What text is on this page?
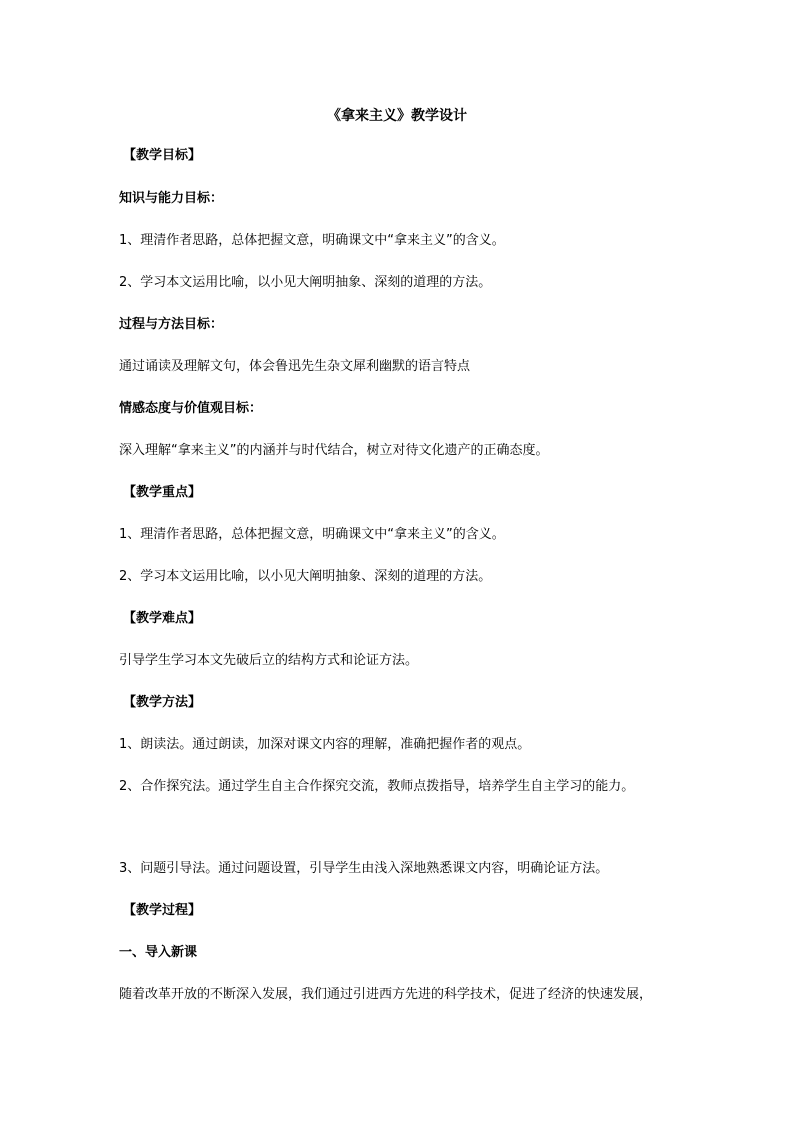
《拿来主义》教学设计
【教学目标】
知识与能力目标：
1、理清作者思路，总体把握文意，明确课文中“拿来主义”的含义。
2、学习本文运用比喻，以小见大阐明抽象、深刻的道理的方法。
过程与方法目标：
通过诵读及理解文句，体会鲁迅先生杂文犀利幽默的语言特点
情感态度与价值观目标：
深入理解“拿来主义”的内涵并与时代结合，树立对待文化遗产的正确态度。
【教学重点】
1、理清作者思路，总体把握文意，明确课文中“拿来主义”的含义。
2、学习本文运用比喻，以小见大阐明抽象、深刻的道理的方法。
【教学难点】
引导学生学习本文先破后立的结构方式和论证方法。
【教学方法】
1、朗读法。通过朗读，加深对课文内容的理解，准确把握作者的观点。
2、合作探究法。通过学生自主合作探究交流，教师点拨指导，培养学生自主学习的能力。
3、问题引导法。通过问题设置，引导学生由浅入深地熟悉课文内容，明确论证方法。
【教学过程】
一、导入新课
随着改革开放的不断深入发展，我们通过引进西方先进的科学技术，促进了经济的快速发展，
